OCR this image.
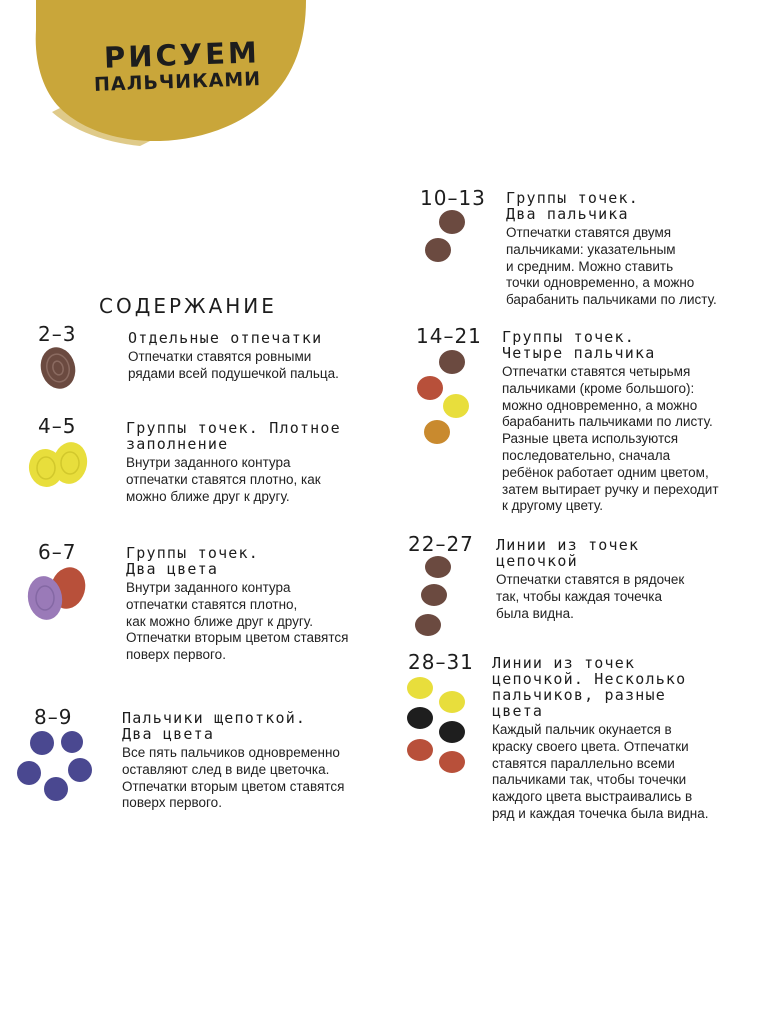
РИСУЕМ
ПАЛЬЧИКАМИ
СОДЕРЖАНИЕ
2–3	Отдельные отпечатки
Отпечатки ставятся ровными
рядами всей подушечкой пальца.
4–5	Группы точек. Плотное
заполнение
Внутри заданного контура
отпечатки ставятся плотно, как
можно ближе друг к другу.
6–7	Группы точек.
Два цвета
Внутри заданного контура
отпечатки ставятся плотно,
как можно ближе друг к другу.
Отпечатки вторым цветом ставятся
поверх первого.
8–9	Пальчики щепоткой.
Два цвета
Все пять пальчиков одновременно
оставляют след в виде цветочка.
Отпечатки вторым цветом ставятся
поверх первого.
10–13 Группы точек.
Два пальчика
Отпечатки ставятся двумя
пальчиками: указательным
и средним. Можно ставить
точки одновременно, а можно
барабанить пальчиками по листу.
14–21 Группы точек.
Четыре пальчика
Отпечатки ставятся четырьмя
пальчиками (кроме большого):
можно одновременно, а можно
барабанить пальчиками по листу.
Разные цвета используются
последовательно, сначала
ребёнок работает одним цветом,
затем вытирает ручку и переходит
к другому цвету.
22–27 Линии из точек
цепочкой
Отпечатки ставятся в рядочек
так, чтобы каждая точечка
была видна.
28–31 Линии из точек
цепочкой. Несколько
пальчиков, разные
цвета
Каждый пальчик окунается в
краску своего цвета. Отпечатки
ставятся параллельно всеми
пальчиками так, чтобы точечки
каждого цвета выстраивались в
ряд и каждая точечка была видна.
